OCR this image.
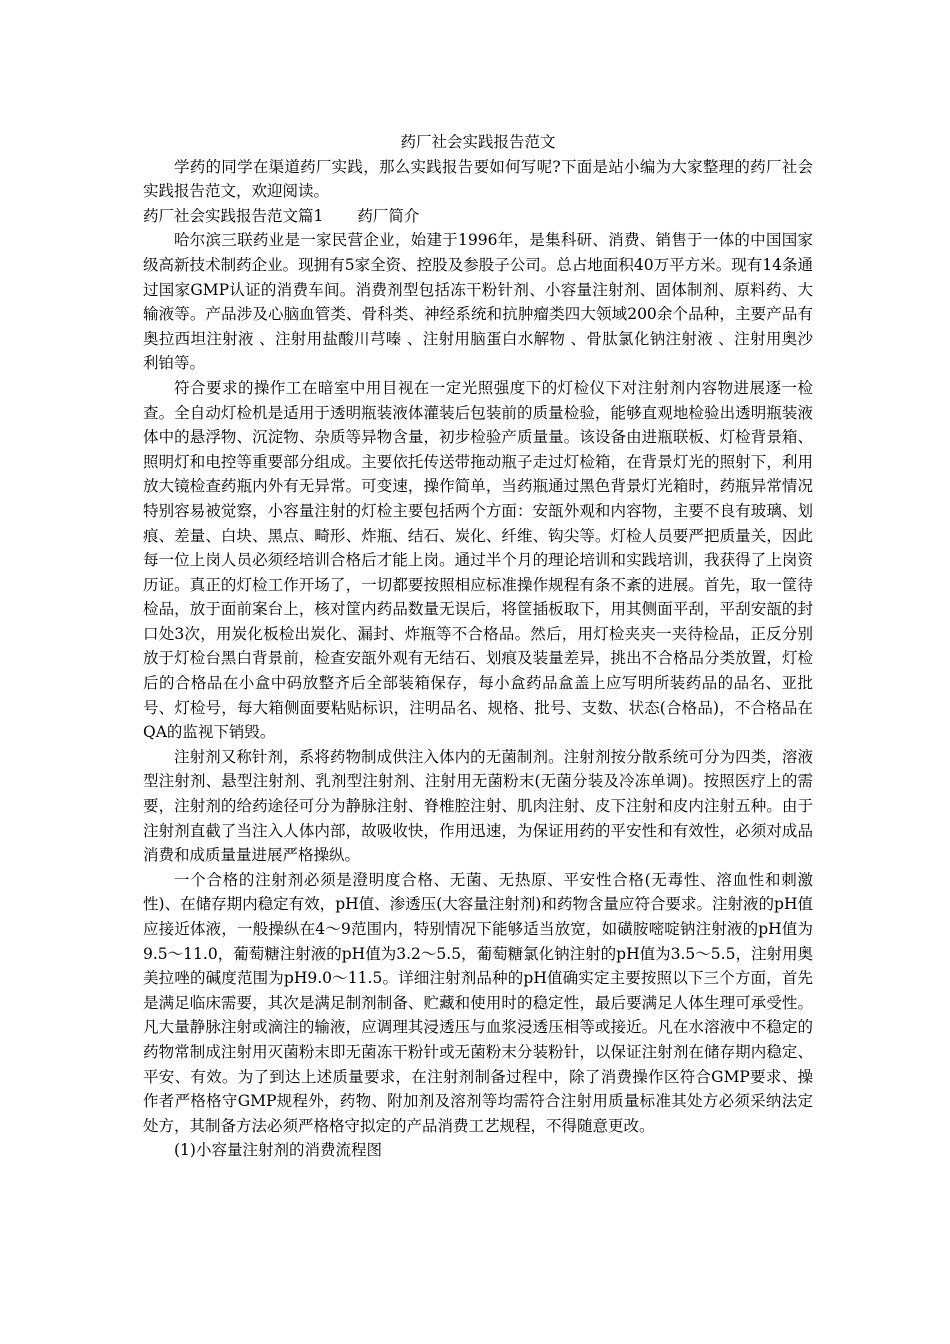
药厂社会实践报告范文

学药的同学在渠道药厂实践，那么实践报告要如何写呢?下面是站小编为大家整理的药厂社会实践报告范文，欢迎阅读。

药厂社会实践报告范文篇1 药厂简介

哈尔滨三联药业是一家民营企业，始建于1996年，是集科研、消费、销售于一体的中国国家级高新技术制药企业。现拥有5家全资、控股及参股子公司。总占地面积40万平方米。现有14条通过国家GMP认证的消费车间。消费剂型包括冻干粉针剂、小容量注射剂、固体制剂、原料药、大输液等。产品涉及心脑血管类、骨科类、神经系统和抗肿瘤类四大领域200余个品种，主要产品有奥拉西坦注射液 、注射用盐酸川芎嗪 、注射用脑蛋白水解物 、骨肽氯化钠注射液 、注射用奥沙利铂等。

符合要求的操作工在暗室中用目视在一定光照强度下的灯检仪下对注射剂内容物进展逐一检查。全自动灯检机是适用于透明瓶装液体灌装后包装前的质量检验，能够直观地检验出透明瓶装液体中的悬浮物、沉淀物、杂质等异物含量，初步检验产质量量。该设备由进瓶联板、灯检背景箱、照明灯和电控等重要部分组成。主要依托传送带拖动瓶子走过灯检箱，在背景灯光的照射下，利用放大镜检查药瓶内外有无异常。可变速，操作简单，当药瓶通过黑色背景灯光箱时，药瓶异常情况特别容易被觉察，小容量注射的灯检主要包括两个方面：安瓿外观和内容物，主要不良有玻璃、划痕、差量、白块、黑点、畸形、炸瓶、结石、炭化、纤维、钩尖等。灯检人员要严把质量关，因此每一位上岗人员必须经培训合格后才能上岗。通过半个月的理论培训和实践培训，我获得了上岗资历证。真正的灯检工作开场了，一切都要按照相应标准操作规程有条不紊的进展。首先，取一筐待检品，放于面前案台上，核对筐内药品数量无误后，将筐插板取下，用其侧面平刮，平刮安瓿的封口处3次，用炭化板检出炭化、漏封、炸瓶等不合格品。然后，用灯检夹夹一夹待检品，正反分别放于灯检台黑白背景前，检查安瓿外观有无结石、划痕及装量差异，挑出不合格品分类放置，灯检后的合格品在小盒中码放整齐后全部装箱保存，每小盒药品盒盖上应写明所装药品的品名、亚批号、灯检号，每大箱侧面要粘贴标识，注明品名、规格、批号、支数、状态(合格品)，不合格品在QA的监视下销毁。

注射剂又称针剂，系将药物制成供注入体内的无菌制剂。注射剂按分散系统可分为四类，溶液型注射剂、悬型注射剂、乳剂型注射剂、注射用无菌粉末(无菌分装及冷冻单调)。按照医疗上的需要，注射剂的给药途径可分为静脉注射、脊椎腔注射、肌肉注射、皮下注射和皮内注射五种。由于注射剂直截了当注入人体内部，故吸收快，作用迅速，为保证用药的平安性和有效性，必须对成品消费和成质量量进展严格操纵。

一个合格的注射剂必须是澄明度合格、无菌、无热原、平安性合格(无毒性、溶血性和刺激性)、在储存期内稳定有效，pH值、渗透压(大容量注射剂)和药物含量应符合要求。注射液的pH值应接近体液，一般操纵在4～9范围内，特别情况下能够适当放宽，如磺胺嘧啶钠注射液的pH值为9.5～11.0，葡萄糖注射液的pH值为3.2～5.5，葡萄糖氯化钠注射的pH值为3.5～5.5，注射用奥美拉唑的碱度范围为pH9.0～11.5。详细注射剂品种的pH值确实定主要按照以下三个方面，首先是满足临床需要，其次是满足制剂制备、贮藏和使用时的稳定性，最后要满足人体生理可承受性。凡大量静脉注射或滴注的输液，应调理其浸透压与血浆浸透压相等或接近。凡在水溶液中不稳定的药物常制成注射用灭菌粉末即无菌冻干粉针或无菌粉末分装粉针，以保证注射剂在储存期内稳定、平安、有效。为了到达上述质量要求，在注射剂制备过程中，除了消费操作区符合GMP要求、操作者严格格守GMP规程外，药物、附加剂及溶剂等均需符合注射用质量标准其处方必须采纳法定处方，其制备方法必须严格格守拟定的产品消费工艺规程，不得随意更改。

(1)小容量注射剂的消费流程图
